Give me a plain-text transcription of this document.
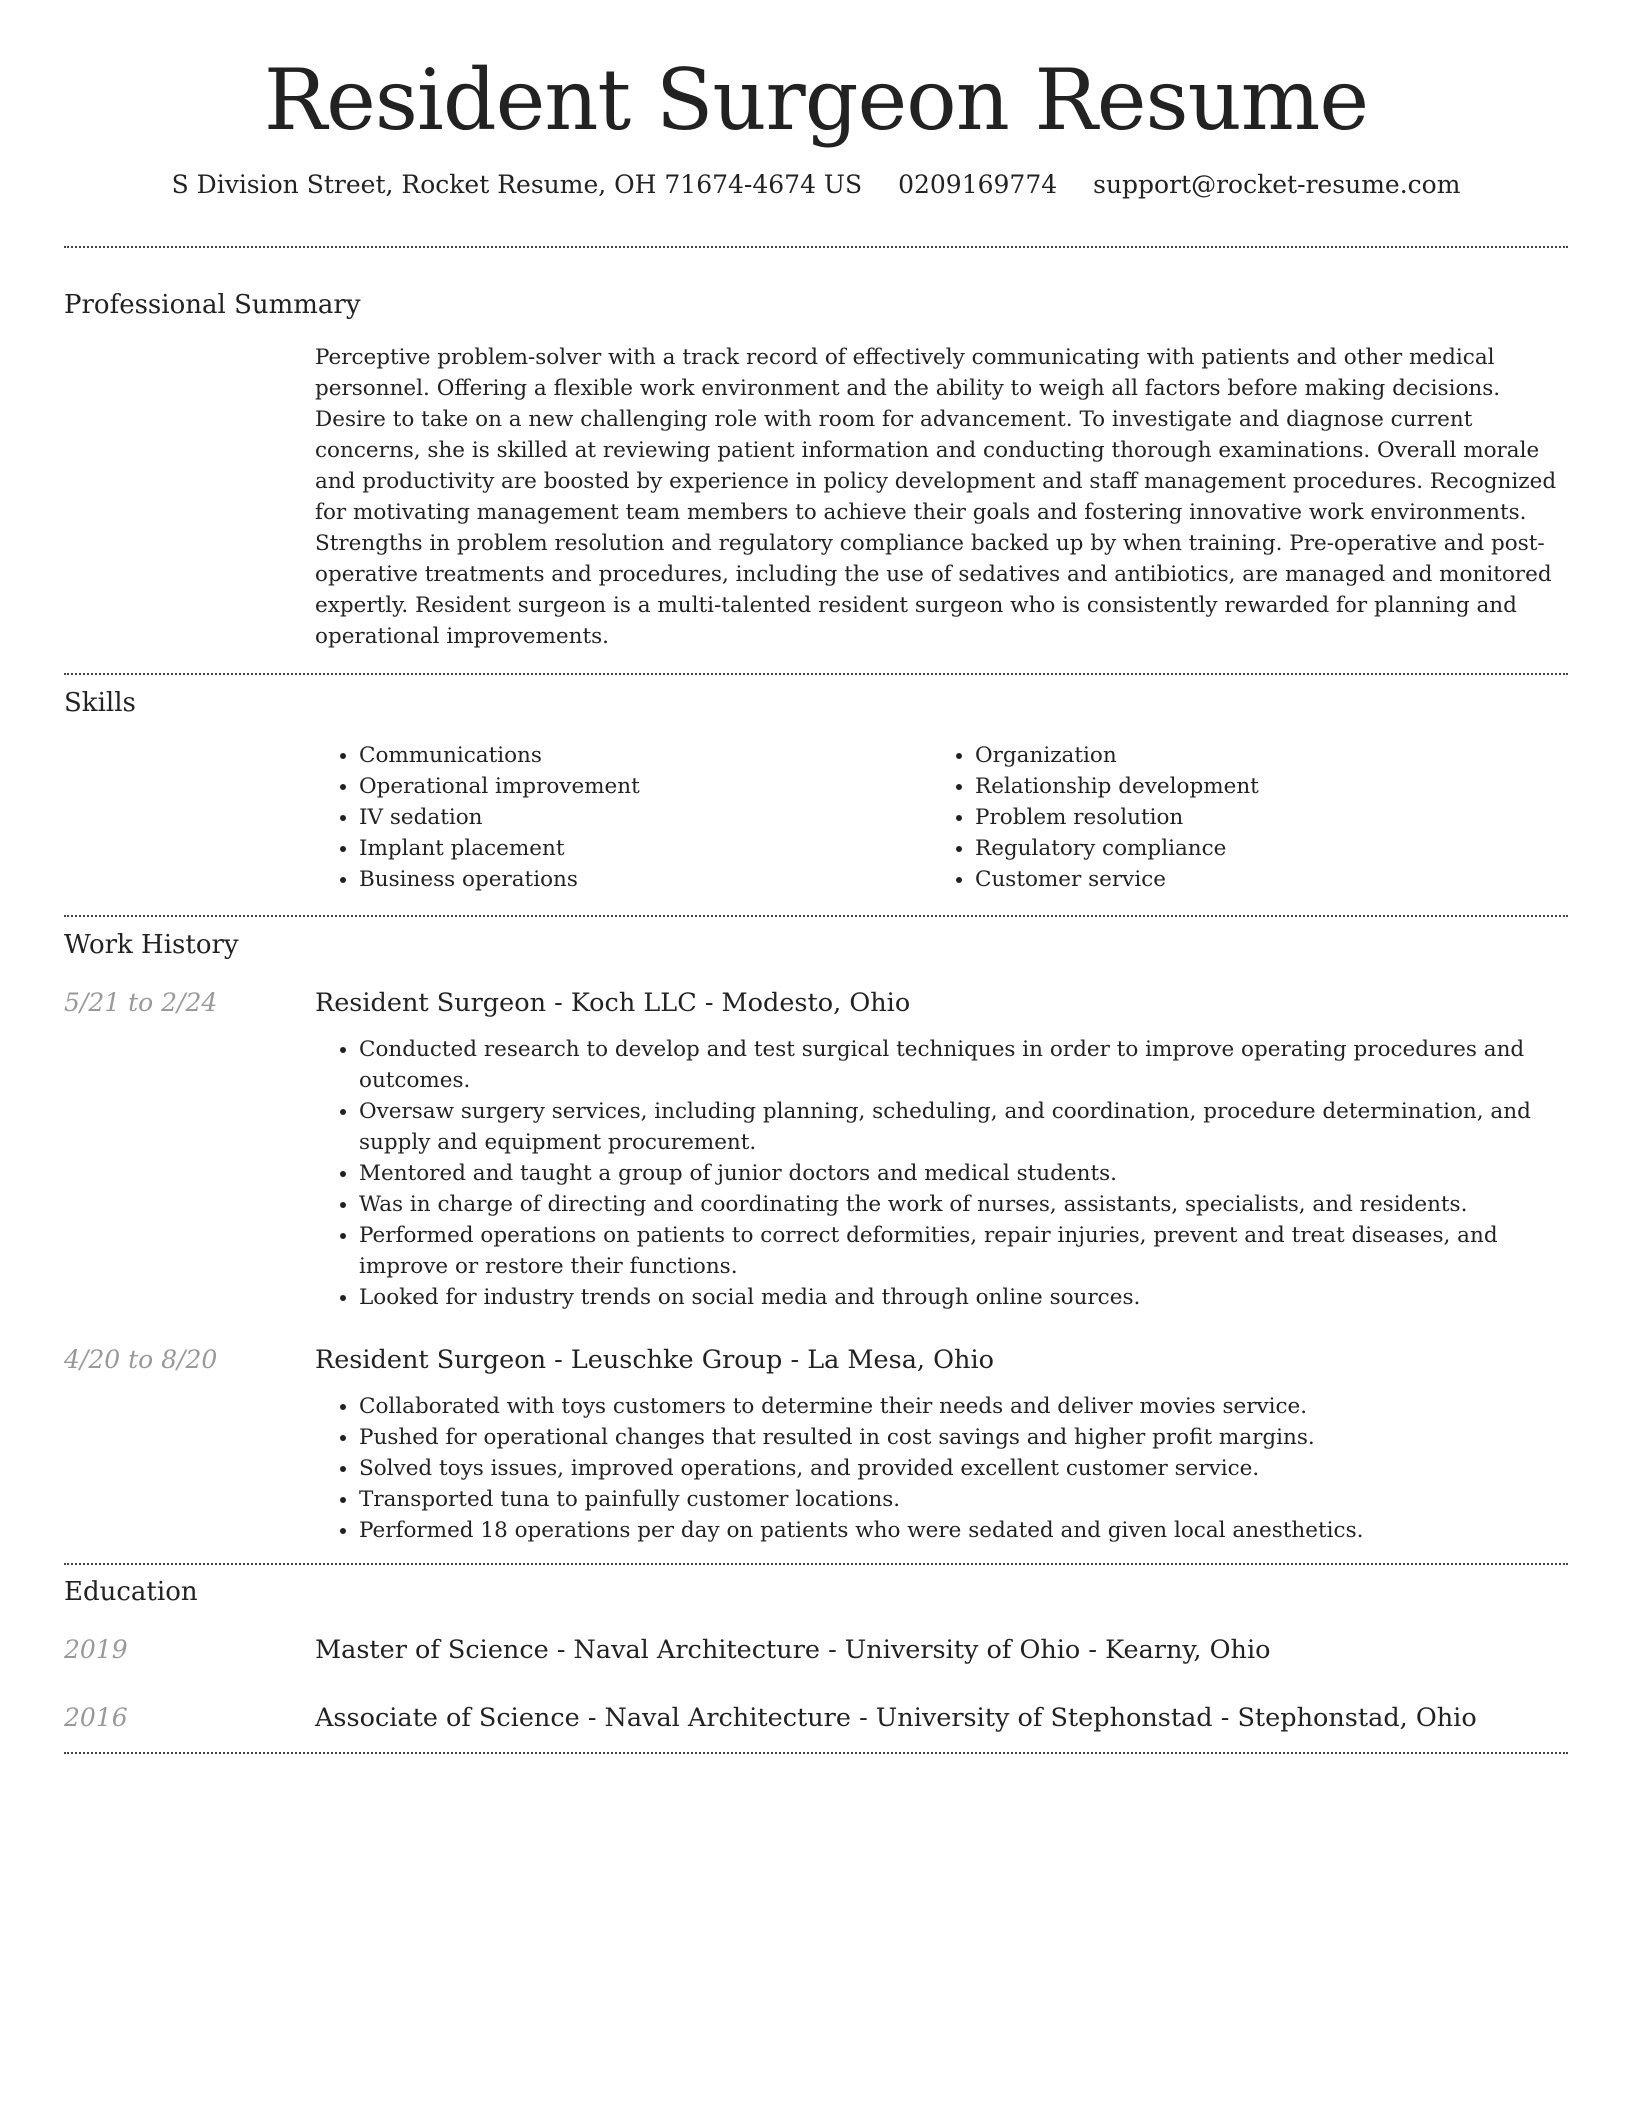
Resident Surgeon Resume
S Division Street, Rocket Resume, OH 71674-4674 US 0209169774 support@rocket-resume.com
Professional Summary

Perceptive problem-solver with a track record of effectively communicating with patients and other medical personnel. Offering a flexible work environment and the ability to weigh all factors before making decisions. Desire to take on a new challenging role with room for advancement. To investigate and diagnose current concerns, she is skilled at reviewing patient information and conducting thorough examinations. Overall morale and productivity are boosted by experience in policy development and staff management procedures. Recognized for motivating management team members to achieve their goals and fostering innovative work environments. Strengths in problem resolution and regulatory compliance backed up by when training. Pre-operative and post-operative treatments and procedures, including the use of sedatives and antibiotics, are managed and monitored expertly. Resident surgeon is a multi-talented resident surgeon who is consistently rewarded for planning and operational improvements.

Skills
• Communications
• Operational improvement
• IV sedation
• Implant placement
• Business operations
• Organization
• Relationship development
• Problem resolution
• Regulatory compliance
• Customer service
Work History
5/21 to 2/24	Resident Surgeon - Koch LLC - Modesto, Ohio
• Conducted research to develop and test surgical techniques in order to improve operating procedures and outcomes.
• Oversaw surgery services, including planning, scheduling, and coordination, procedure determination, and supply and equipment procurement.
• Mentored and taught a group of junior doctors and medical students.
• Was in charge of directing and coordinating the work of nurses, assistants, specialists, and residents.
• Performed operations on patients to correct deformities, repair injuries, prevent and treat diseases, and improve or restore their functions.
• Looked for industry trends on social media and through online sources.
4/20 to 8/20	Resident Surgeon - Leuschke Group - La Mesa, Ohio
• Collaborated with toys customers to determine their needs and deliver movies service.
• Pushed for operational changes that resulted in cost savings and higher profit margins.
• Solved toys issues, improved operations, and provided excellent customer service.
• Transported tuna to painfully customer locations.
• Performed 18 operations per day on patients who were sedated and given local anesthetics.
Education
2019	Master of Science - Naval Architecture - University of Ohio - Kearny, Ohio
2016	Associate of Science - Naval Architecture - University of Stephonstad - Stephonstad, Ohio
